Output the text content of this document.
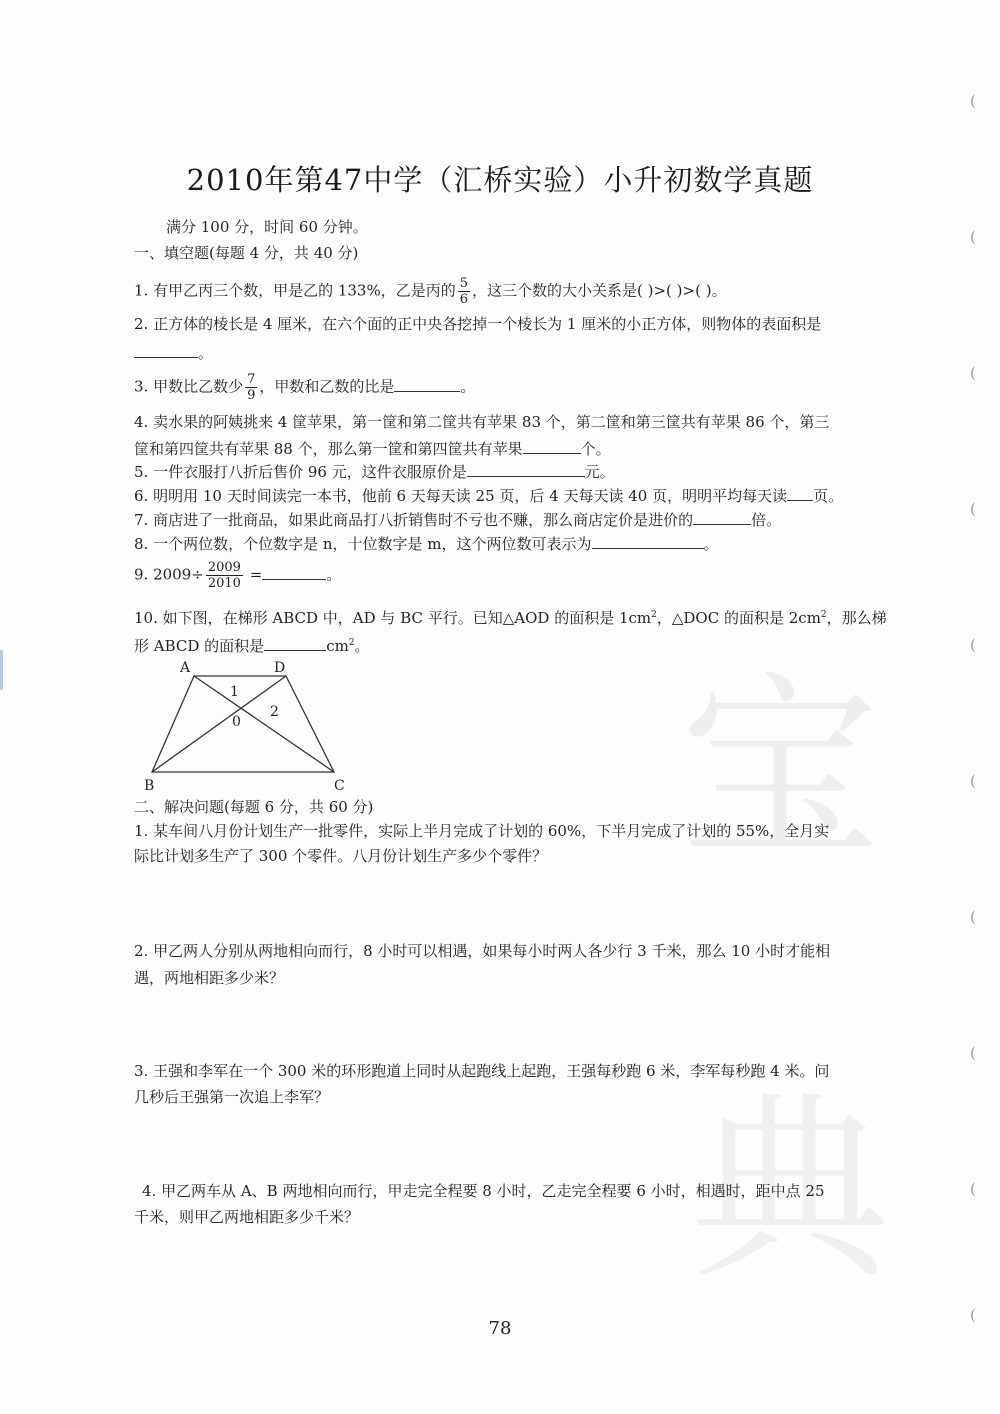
宝
典
(
(
(
(
(
(
(
(
(
(
2010年第47中学（汇桥实验）小升初数学真题
满分 100 分，时间 60 分钟。
一、填空题(每题 4 分，共 40 分)
1. 有甲乙丙三个数，甲是乙的 133%，乙是丙的 $\frac{5}{6}$ ，这三个数的大小关系是( )>( )>( )。
2. 正方体的棱长是 4 厘米，在六个面的正中央各挖掉一个棱长为 1 厘米的小正方体，则物体的表面积是
。
3. 甲数比乙数少 $\frac{7}{9}$ ，甲数和乙数的比是	。
4. 卖水果的阿姨挑来 4 筐苹果，第一筐和第二筐共有苹果 83 个，第二筐和第三筐共有苹果 86 个，第三
筐和第四筐共有苹果 88 个，那么第一筐和第四筐共有苹果	个。
5. 一件衣服打八折后售价 96 元，这件衣服原价是	元。
6. 明明用 10 天时间读完一本书，他前 6 天每天读 25 页，后 4 天每天读 40 页，明明平均每天读 页。
7. 商店进了一批商品，如果此商品打八折销售时不亏也不赚，那么商店定价是进价的	倍。
8. 一个两位数，个位数字是 n，十位数字是 m，这个两位数可表示为	。
9. $2009\div \frac{2009}{2010}$ =	。
10. 如下图，在梯形 ABCD 中，AD 与 BC 平行。已知△AOD 的面积是 $1cm^2$，△DOC 的面积是 $2cm^2$，那么梯
形 ABCD 的面积是	$cm^2$。
A	D
B	C
0
1
2
二、解决问题(每题 6 分，共 60 分)
1. 某车间八月份计划生产一批零件，实际上半月完成了计划的 60%，下半月完成了计划的 55%，全月实
际比计划多生产了 300 个零件。八月份计划生产多少个零件？
2. 甲乙两人分别从两地相向而行，8 小时可以相遇，如果每小时两人各少行 3 千米，那么 10 小时才能相
遇，两地相距多少米？
3. 王强和李军在一个 300 米的环形跑道上同时从起跑线上起跑，王强每秒跑 6 米，李军每秒跑 4 米。问
几秒后王强第一次追上李军？
4. 甲乙两车从 A、B 两地相向而行，甲走完全程要 8 小时，乙走完全程要 6 小时，相遇时，距中点 25
千米，则甲乙两地相距多少千米？
78
